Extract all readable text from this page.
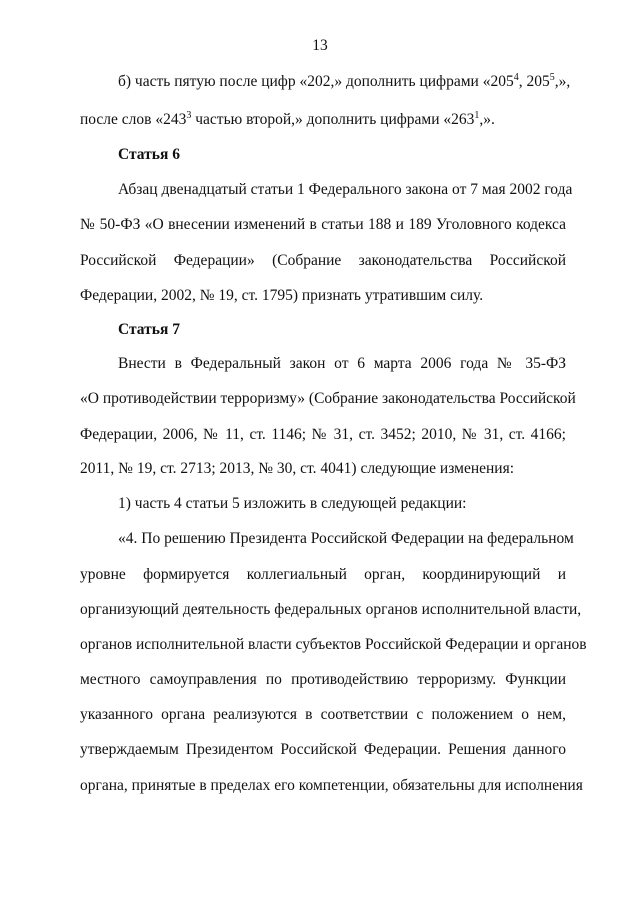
13
б) часть пятую после цифр «202,» дополнить цифрами «$205^4$, $205^5$,»,
после слов «$243^3$ частью второй,» дополнить цифрами «$263^1$,».
Статья 6
Абзац двенадцатый статьи 1 Федерального закона от 7 мая 2002 года
№ 50-ФЗ «О внесении изменений в статьи 188 и 189 Уголовного кодекса
Российской Федерации» (Собрание законодательства Российской
Федерации, 2002, № 19, ст. 1795) признать утратившим силу.
Статья 7
Внести в Федеральный закон от 6 марта 2006 года № 35-ФЗ
«О противодействии терроризму» (Собрание законодательства Российской
Федерации, 2006, № 11, ст. 1146; № 31, ст. 3452; 2010, № 31, ст. 4166;
2011, № 19, ст. 2713; 2013, № 30, ст. 4041) следующие изменения:
1) часть 4 статьи 5 изложить в следующей редакции:
«4. По решению Президента Российской Федерации на федеральном
уровне формируется коллегиальный орган, координирующий и
организующий деятельность федеральных органов исполнительной власти,
органов исполнительной власти субъектов Российской Федерации и органов
местного самоуправления по противодействию терроризму. Функции
указанного органа реализуются в соответствии с положением о нем,
утверждаемым Президентом Российской Федерации. Решения данного
органа, принятые в пределах его компетенции, обязательны для исполнения
